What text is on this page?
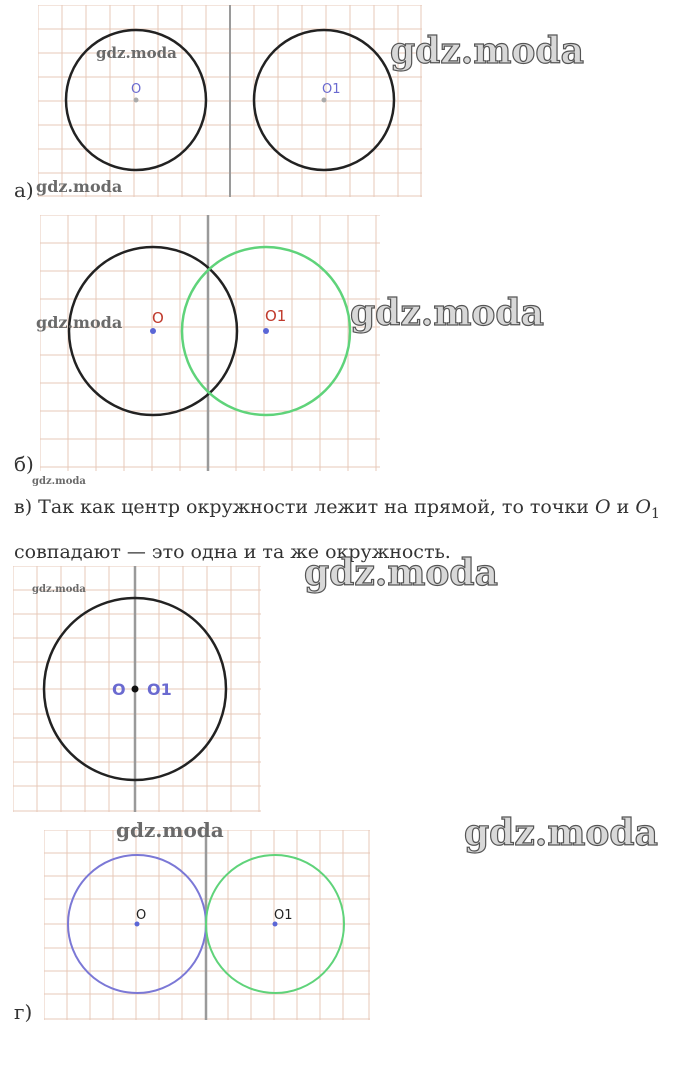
O	O1
gdz.moda	gdz.moda
а) gdz.moda
O	O1
gdz.moda	gdz.moda
б)
gdz.moda
в) Так как центр окружности лежит на прямой, то точки O и $O_1$
совпадают — это одна и та же окружность.
O O1
gdz.moda	gdz.moda
O	O1
gdz.moda	gdz.moda
г)
